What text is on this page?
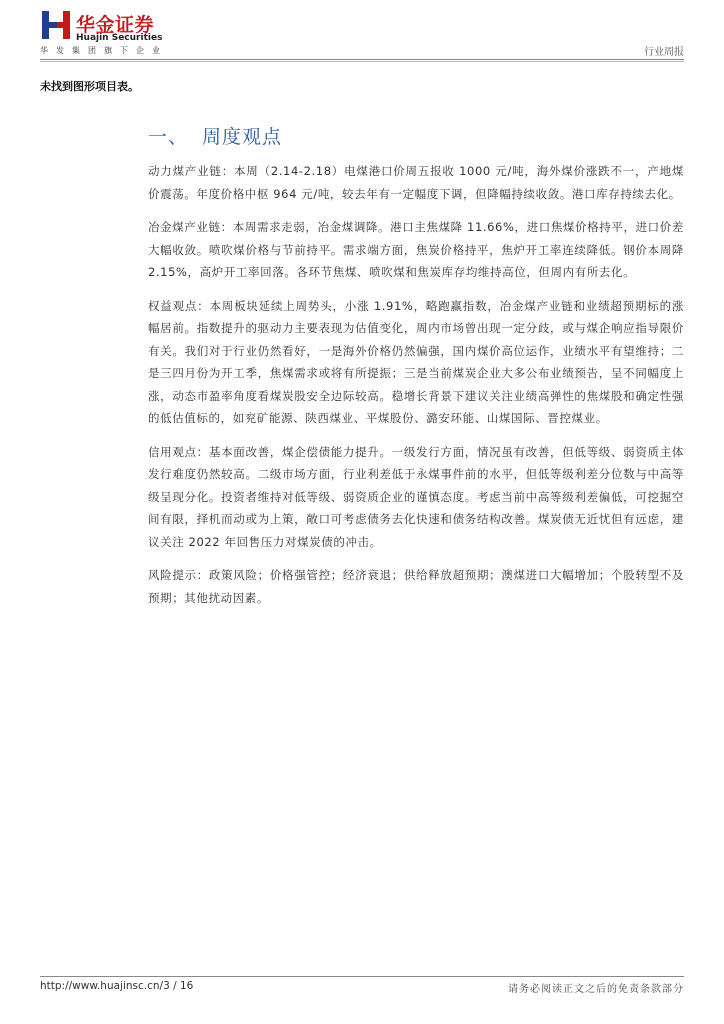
华金证券
Huajin Securities
华发集团旗下企业	行业周报
未找到图形项目表。
一、 周度观点

动力煤产业链：本周（2.14-2.18）电煤港口价周五报收 1000 元/吨，海外煤价涨跌不一，产地煤价震荡。年度价格中枢 964 元/吨，较去年有一定幅度下调，但降幅持续收敛。港口库存持续去化。

冶金煤产业链：本周需求走弱，冶金煤调降。港口主焦煤降 11.66%，进口焦煤价格持平，进口价差大幅收敛。喷吹煤价格与节前持平。需求端方面，焦炭价格持平，焦炉开工率连续降低。钢价本周降 2.15%，高炉开工率回落。各环节焦煤、喷吹煤和焦炭库存均维持高位，但周内有所去化。

权益观点：本周板块延续上周势头，小涨 1.91%，略跑赢指数，冶金煤产业链和业绩超预期标的涨幅居前。指数提升的驱动力主要表现为估值变化，周内市场曾出现一定分歧，或与煤企响应指导限价有关。我们对于行业仍然看好，一是海外价格仍然偏强，国内煤价高位运作，业绩水平有望维持；二是三四月份为开工季，焦煤需求或将有所提振；三是当前煤炭企业大多公布业绩预告，呈不同幅度上涨，动态市盈率角度看煤炭股安全边际较高。稳增长背景下建议关注业绩高弹性的焦煤股和确定性强的低估值标的，如兖矿能源、陕西煤业、平煤股份、潞安环能、山煤国际、晋控煤业。

信用观点：基本面改善，煤企偿债能力提升。一级发行方面，情况虽有改善，但低等级、弱资质主体发行难度仍然较高。二级市场方面，行业利差低于永煤事件前的水平，但低等级利差分位数与中高等级呈现分化。投资者维持对低等级、弱资质企业的谨慎态度。考虑当前中高等级利差偏低，可挖掘空间有限，择机而动或为上策，敞口可考虑债务去化快速和债务结构改善。煤炭债无近忧但有远虑，建议关注 2022 年回售压力对煤炭债的冲击。

风险提示：政策风险；价格强管控；经济衰退；供给释放超预期；澳煤进口大幅增加；个股转型不及预期；其他扰动因素。

http://www.huajinsc.cn/3 / 16	请务必阅读正文之后的免责条款部分
